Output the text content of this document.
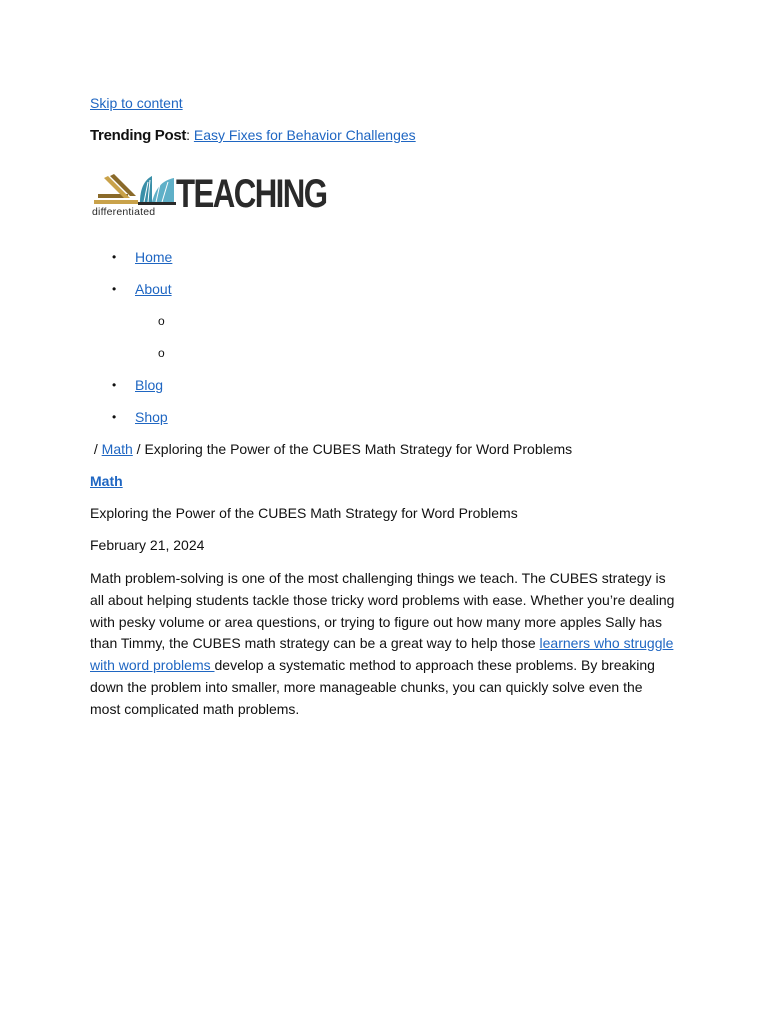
Skip to content
Trending Post: Easy Fixes for Behavior Challenges
TEACHING
differentiated
• Home
• About
o
o
• Blog
• Shop
/ Math / Exploring the Power of the CUBES Math Strategy for Word Problems
Math
Exploring the Power of the CUBES Math Strategy for Word Problems
February 21, 2024

Math problem-solving is one of the most challenging things we teach. The CUBES strategy is all about helping students tackle those tricky word problems with ease. Whether you’re dealing with pesky volume or area questions, or trying to figure out how many more apples Sally has than Timmy, the CUBES math strategy can be a great way to help those learners who struggle with word problems develop a systematic method to approach these problems. By breaking down the problem into smaller, more manageable chunks, you can quickly solve even the most complicated math problems.
